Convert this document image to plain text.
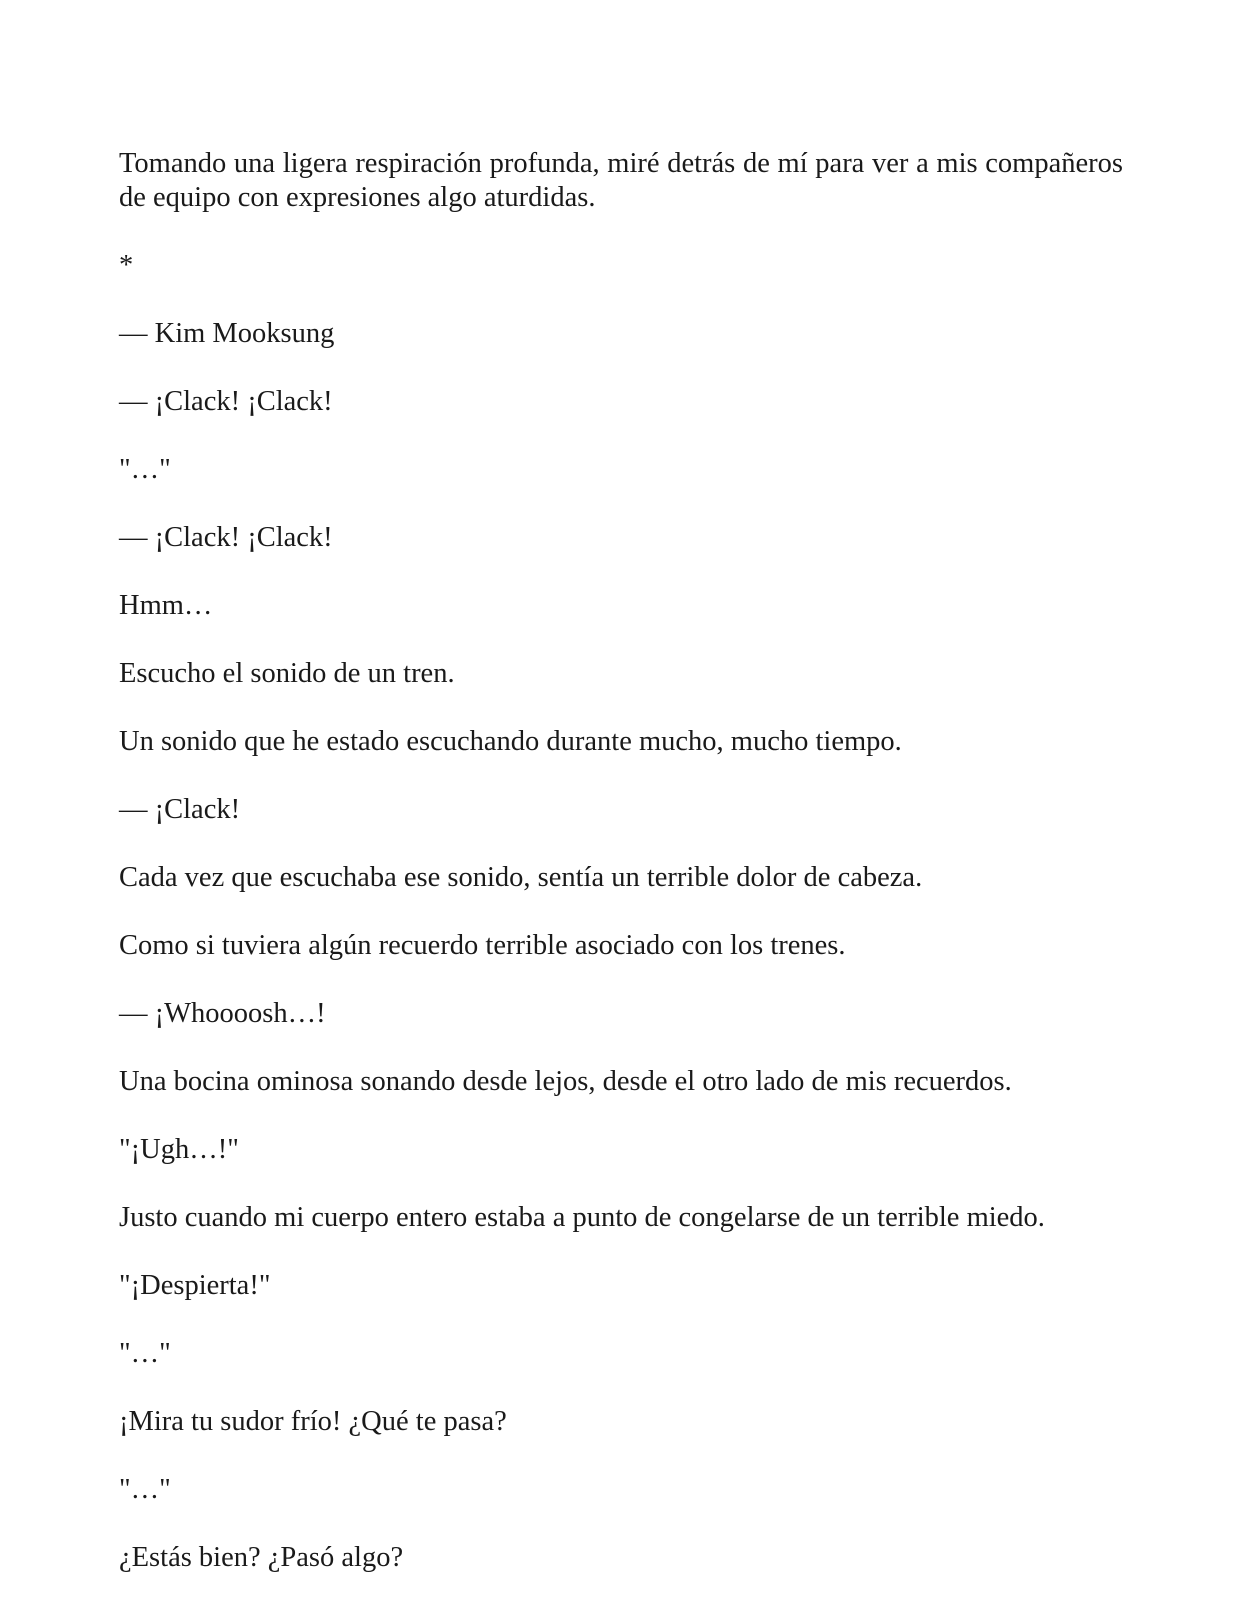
Tomando una ligera respiración profunda, miré detrás de mí para ver a mis compañeros de equipo con expresiones algo aturdidas.

*

— Kim Mooksung

— ¡Clack! ¡Clack!

"…"

— ¡Clack! ¡Clack!

Hmm…

Escucho el sonido de un tren.

Un sonido que he estado escuchando durante mucho, mucho tiempo.

— ¡Clack!

Cada vez que escuchaba ese sonido, sentía un terrible dolor de cabeza.

Como si tuviera algún recuerdo terrible asociado con los trenes.

— ¡Whoooosh…!

Una bocina ominosa sonando desde lejos, desde el otro lado de mis recuerdos.

"¡Ugh…!"

Justo cuando mi cuerpo entero estaba a punto de congelarse de un terrible miedo.

"¡Despierta!"

"…"

¡Mira tu sudor frío! ¿Qué te pasa?

"…"

¿Estás bien? ¿Pasó algo?
